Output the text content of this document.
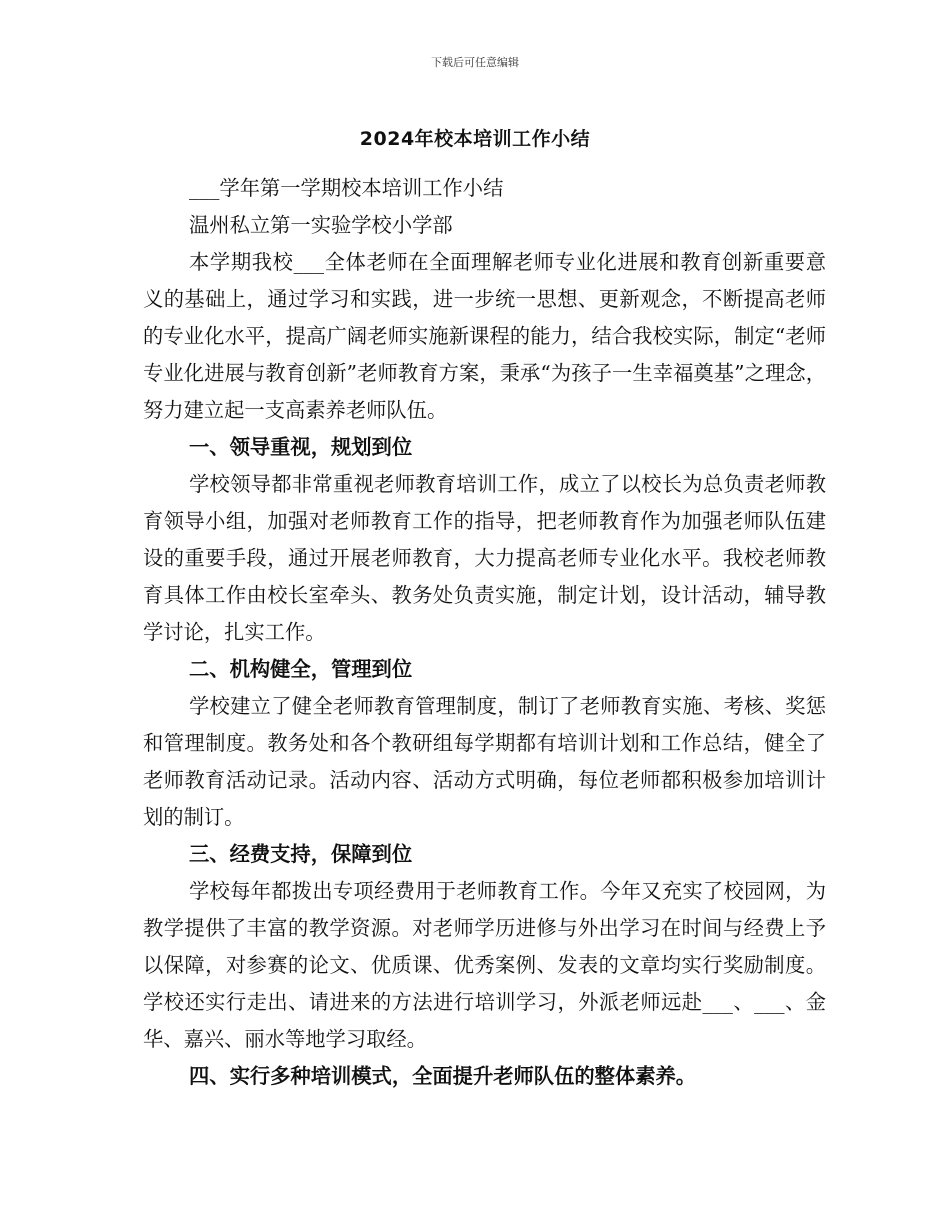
下载后可任意编辑
2024年校本培训工作小结

___学年第一学期校本培训工作小结

温州私立第一实验学校小学部

本学期我校___全体老师在全面理解老师专业化进展和教育创新重要意义的基础上，通过学习和实践，进一步统一思想、更新观念，不断提高老师的专业化水平，提高广阔老师实施新课程的能力，结合我校实际，制定“老师专业化进展与教育创新”老师教育方案，秉承“为孩子一生幸福奠基”之理念，努力建立起一支高素养老师队伍。

一、领导重视，规划到位

学校领导都非常重视老师教育培训工作，成立了以校长为总负责老师教育领导小组，加强对老师教育工作的指导，把老师教育作为加强老师队伍建设的重要手段，通过开展老师教育，大力提高老师专业化水平。我校老师教育具体工作由校长室牵头、教务处负责实施，制定计划，设计活动，辅导教学讨论，扎实工作。

二、机构健全，管理到位

学校建立了健全老师教育管理制度，制订了老师教育实施、考核、奖惩和管理制度。教务处和各个教研组每学期都有培训计划和工作总结，健全了老师教育活动记录。活动内容、活动方式明确，每位老师都积极参加培训计划的制订。

三、经费支持，保障到位

学校每年都拨出专项经费用于老师教育工作。今年又充实了校园网，为教学提供了丰富的教学资源。对老师学历进修与外出学习在时间与经费上予以保障，对参赛的论文、优质课、优秀案例、发表的文章均实行奖励制度。学校还实行走出、请进来的方法进行培训学习，外派老师远赴___、___、金华、嘉兴、丽水等地学习取经。

四、实行多种培训模式，全面提升老师队伍的整体素养。
